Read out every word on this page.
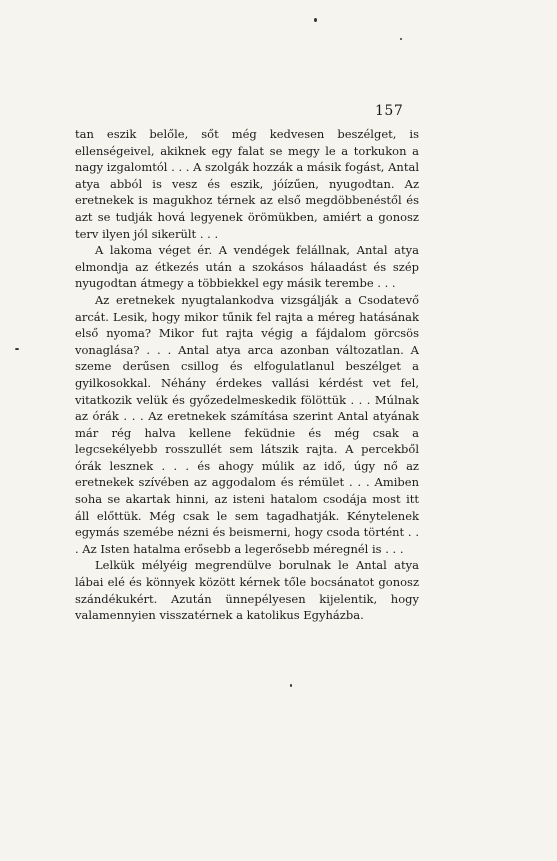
157

tan eszik belőle, sőt még kedvesen beszélget, is ellenségeivel, akiknek egy falat se megy le a torkukon a nagy izgalomtól . . . A szolgák hozzák a másik fogást, Antal atya abból is vesz és eszik, jóízűen, nyugodtan. Az eretnekek is magukhoz térnek az első megdöbbenéstől és azt se tudják hová legyenek örömükben, amiért a gonosz terv ilyen jól sikerült . . .

A lakoma véget ér. A vendégek felállnak, Antal atya elmondja az étkezés után a szokásos hálaadást és szép nyugodtan átmegy a többiekkel egy másik terembe . . .

Az eretnekek nyugtalankodva vizsgálják a Csodatevő arcát. Lesik, hogy mikor tűnik fel rajta a méreg hatásának első nyoma? Mikor fut rajta végig a fájdalom görcsös vonaglása? . . . Antal atya arca azonban változatlan. A szeme derűsen csillog és elfogulatlanul beszélget a gyilkosokkal. Néhány érdekes vallási kérdést vet fel, vitatkozik velük és győzedelmeskedik fölöttük . . . Múlnak az órák . . . Az eretnekek számítása szerint Antal atyának már rég halva kellene feküdnie és még csak a legcsekélyebb rosszullét sem látszik rajta. A percekből órák lesznek . . . és ahogy múlik az idő, úgy nő az eretnekek szívében az aggodalom és rémület . . . Amiben soha se akartak hinni, az isteni hatalom csodája most itt áll előttük. Még csak le sem tagadhatják. Kénytelenek egymás szemébe nézni és beismerni, hogy csoda történt . . . Az Isten hatalma erősebb a legerősebb méregnél is . . .

Lelkük mélyéig megrendülve borulnak le Antal atya lábai elé és könnyek között kérnek tőle bocsánatot gonosz szándékukért. Azután ünnepélyesen kijelentik, hogy valamennyien visszatérnek a katolikus Egyházba.
